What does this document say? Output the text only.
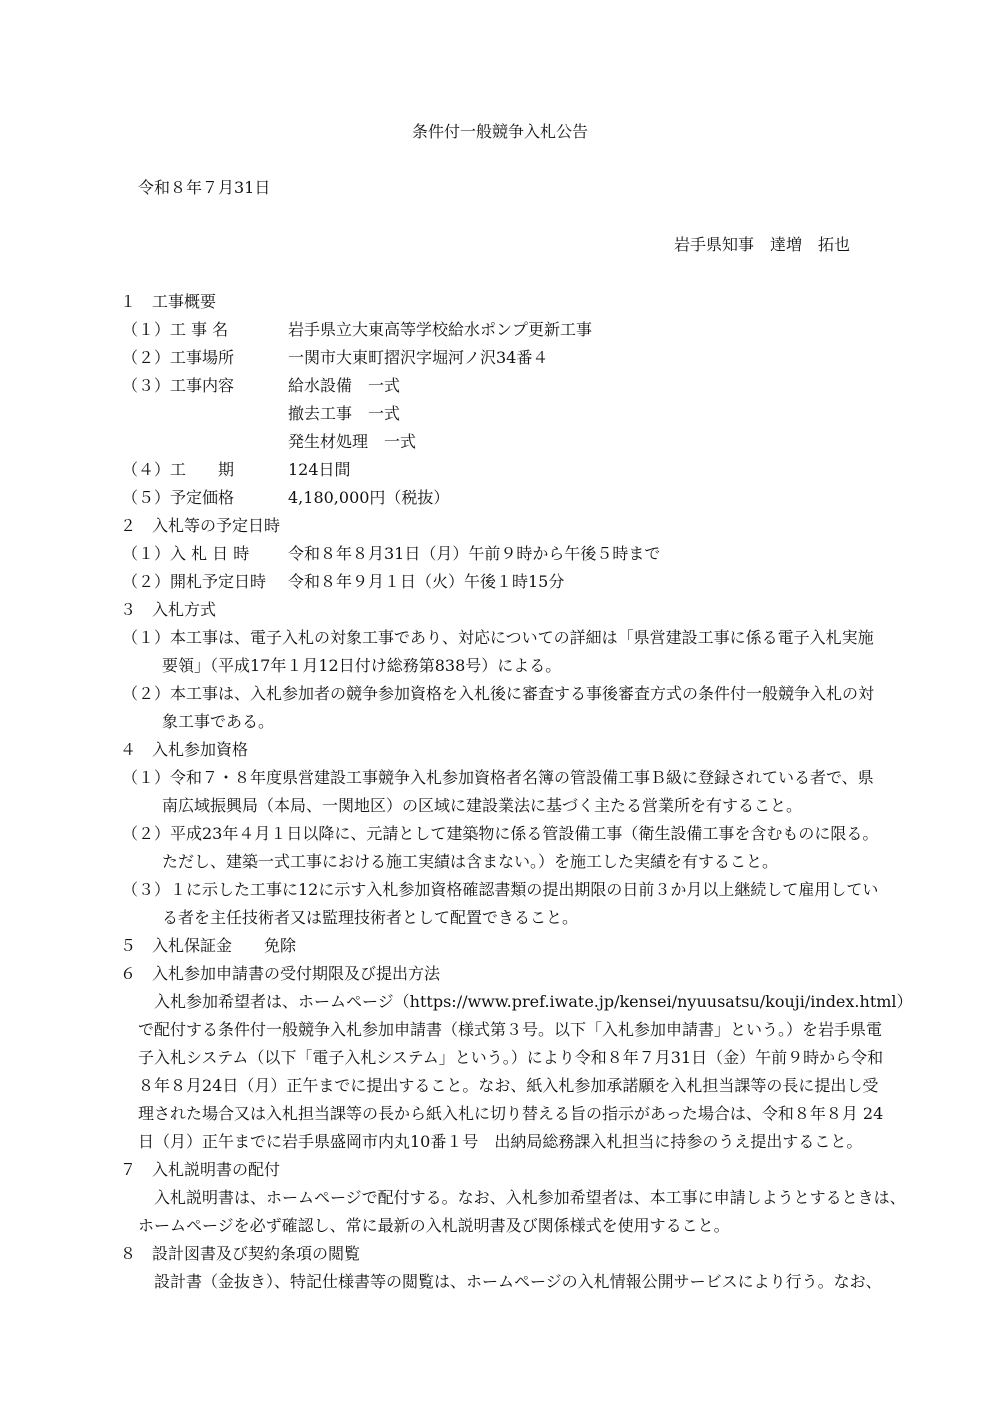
条件付一般競争入札公告
令和８年７月31日
岩手県知事　達増　拓也
１　工事概要
（１）工 事 名	岩手県立大東高等学校給水ポンプ更新工事
（２）工事場所	一関市大東町摺沢字堀河ノ沢34番４
（３）工事内容	給水設備　一式
撤去工事　一式
発生材処理　一式
（４）工　　期	124日間
（５）予定価格	4,180,000円（税抜）
２　入札等の予定日時
（１）入 札 日 時 令和８年８月31日（月）午前９時から午後５時まで
（２）開札予定日時 令和８年９月１日（火）午後１時15分
３　入札方式
（１）本工事は、電子入札の対象工事であり、対応についての詳細は「県営建設工事に係る電子入札実施
要領」（平成17年１月12日付け総務第838号）による。
（２）本工事は、入札参加者の競争参加資格を入札後に審査する事後審査方式の条件付一般競争入札の対
象工事である。
４　入札参加資格
（１）令和７・８年度県営建設工事競争入札参加資格者名簿の管設備工事Ｂ級に登録されている者で、県
南広域振興局（本局、一関地区）の区域に建設業法に基づく主たる営業所を有すること。
（２）平成23年４月１日以降に、元請として建築物に係る管設備工事（衛生設備工事を含むものに限る。
ただし、建築一式工事における施工実績は含まない。）を施工した実績を有すること。
（３）１に示した工事に12に示す入札参加資格確認書類の提出期限の日前３か月以上継続して雇用してい
る者を主任技術者又は監理技術者として配置できること。
５　入札保証金 免除
６　入札参加申請書の受付期限及び提出方法
入札参加希望者は、ホームページ（https://www.pref.iwate.jp/kensei/nyuusatsu/kouji/index.html）
で配付する条件付一般競争入札参加申請書（様式第３号。以下「入札参加申請書」という。）を岩手県電
子入札システム（以下「電子入札システム」という。）により令和８年７月31日（金）午前９時から令和
８年８月24日（月）正午までに提出すること。なお、紙入札参加承諾願を入札担当課等の長に提出し受
理された場合又は入札担当課等の長から紙入札に切り替える旨の指示があった場合は、令和８年８月 24
日（月）正午までに岩手県盛岡市内丸10番１号　出納局総務課入札担当に持参のうえ提出すること。
７　入札説明書の配付
入札説明書は、ホームページで配付する。なお、入札参加希望者は、本工事に申請しようとするときは、
ホームページを必ず確認し、常に最新の入札説明書及び関係様式を使用すること。
８　設計図書及び契約条項の閲覧
設計書（金抜き）、特記仕様書等の閲覧は、ホームページの入札情報公開サービスにより行う。なお、
